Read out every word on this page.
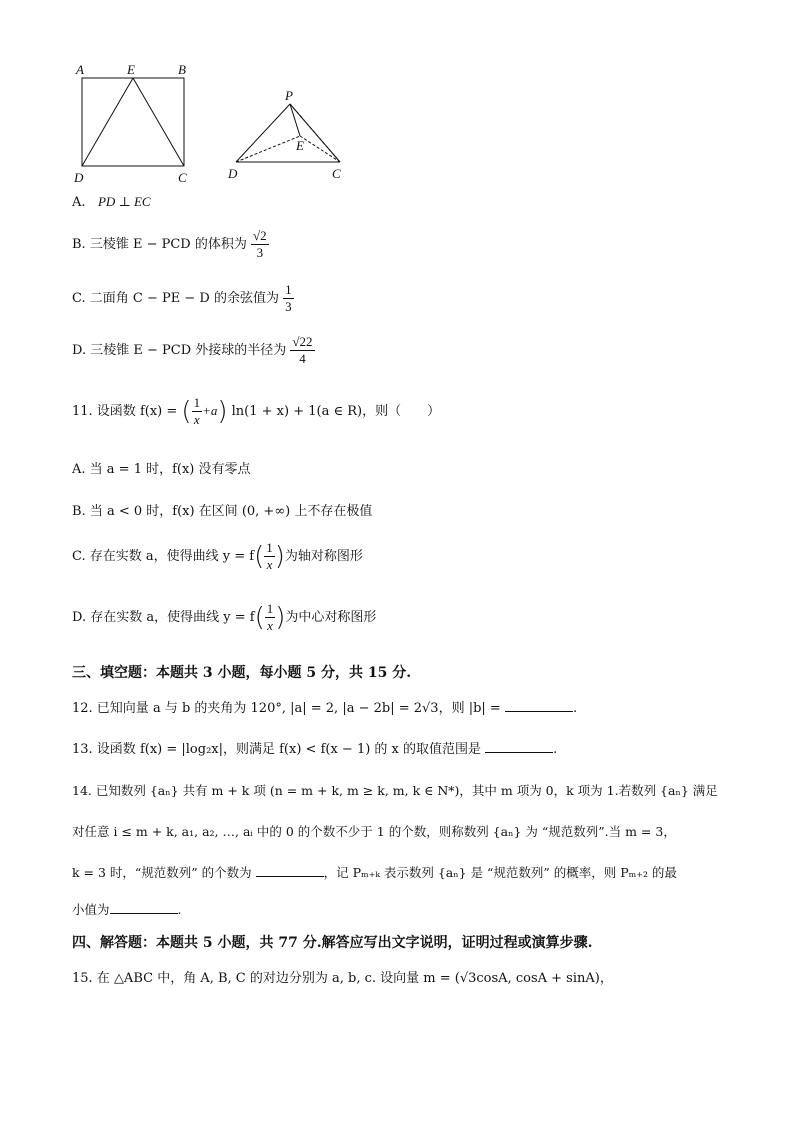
A	E	B
D	C
P
E
D	C
A. PD ⊥ EC
B. 三棱锥 E − PCD 的体积为 $\frac{√2}{3}$
C. 二面角 C − PE − D 的余弦值为 $\frac{1}{3}$
D. 三棱锥 E − PCD 外接球的半径为 $\frac{√22}{4}$
11. 设函数 f(x) = ( $\frac{1}{x} +a$) ln(1 + x) + 1(a ∈ R)，则（　　）
A. 当 a = 1 时，f(x) 没有零点
B. 当 a < 0 时，f(x) 在区间 (0, +∞) 上不存在极值
C. 存在实数 a，使得曲线 $y = f( \frac{1}{x}$ )为轴对称图形
D. 存在实数 a，使得曲线 $y = f( \frac{1}{x}$ )为中心对称图形
三、填空题：本题共 3 小题，每小题 5 分，共 15 分.
12. 已知向量 a 与 b 的夹角为 120°, |a| = 2, |a − 2b| = 2√3，则 |b| =	.
13. 设函数 f(x) = |log₂x|，则满足 f(x) < f(x − 1) 的 x 的取值范围是	.
14. 已知数列 {aₙ} 共有 m + k 项 (n = m + k, m ≥ k, m, k ∈ N*)，其中 m 项为 0，k 项为 1.若数列 {aₙ} 满足
对任意 i ≤ m + k, a₁, a₂, …, aᵢ 中的 0 的个数不少于 1 的个数，则称数列 {aₙ} 为 “规范数列”.当 m = 3，
k = 3 时，“规范数列” 的个数为	，记 Pₘ₊ₖ 表示数列 {aₙ} 是 “规范数列” 的概率，则 Pₘ₊₂ 的最
小值为	.
四、解答题：本题共 5 小题，共 77 分.解答应写出文字说明，证明过程或演算步骤.
15. 在 △ABC 中，角 A, B, C 的对边分别为 a, b, c. 设向量 m = (√3cosA, cosA + sinA)，
